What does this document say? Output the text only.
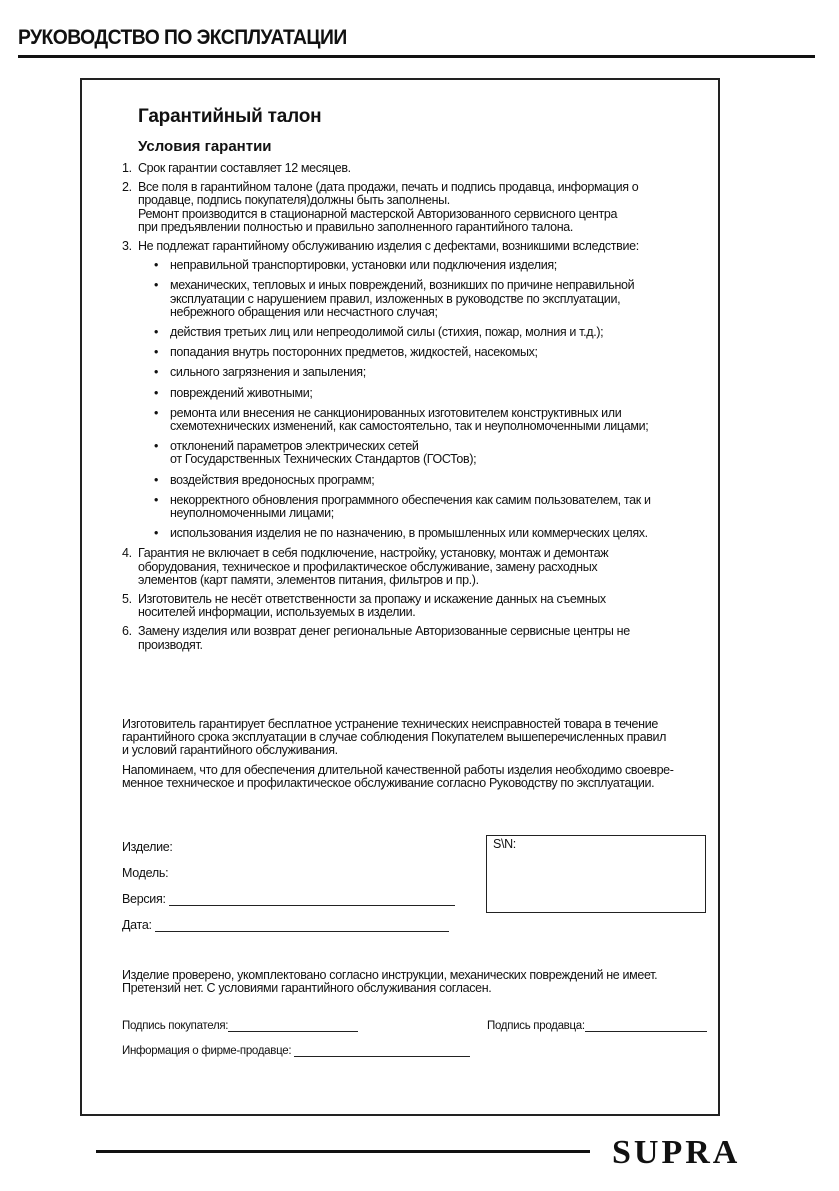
РУКОВОДСТВО ПО ЭКСПЛУАТАЦИИ
Гарантийный талон
Условия гарантии
1. Срок гарантии составляет 12 месяцев.
2. Все поля в гарантийном талоне (дата продажи, печать и подпись продавца, информация о
продавце, подпись покупателя)должны быть заполнены.
Ремонт производится в стационарной мастерской Авторизованного сервисного центра
при предъявлении полностью и правильно заполненного гарантийного талона.
3. Не подлежат гарантийному обслуживанию изделия с дефектами, возникшими вследствие:
• неправильной транспортировки, установки или подключения изделия;
• механических, тепловых и иных повреждений, возникших по причине неправильной
эксплуатации с нарушением правил, изложенных в руководстве по эксплуатации,
небрежного обращения или несчастного случая;
• действия третьих лиц или непреодолимой силы (стихия, пожар, молния и т.д.);
• попадания внутрь посторонних предметов, жидкостей, насекомых;
• сильного загрязнения и запыления;
• повреждений животными;
• ремонта или внесения не санкционированных изготовителем конструктивных или
схемотехнических изменений, как самостоятельно, так и неуполномоченными лицами;
• отклонений параметров электрических сетей
от Государственных Технических Стандартов (ГОСТов);
• воздействия вредоносных программ;
• некорректного обновления программного обеспечения как самим пользователем, так и
неуполномоченными лицами;
• использования изделия не по назначению, в промышленных или коммерческих целях.
4. Гарантия не включает в себя подключение, настройку, установку, монтаж и демонтаж
оборудования, техническое и профилактическое обслуживание, замену расходных
элементов (карт памяти, элементов питания, фильтров и пр.).
5. Изготовитель не несёт ответственности за пропажу и искажение данных на съемных
носителей информации, используемых в изделии.
6. Замену изделия или возврат денег региональные Авторизованные сервисные центры не
производят.

Изготовитель гарантирует бесплатное устранение технических неисправностей товара в течение
гарантийного срока эксплуатации в случае соблюдения Покупателем вышеперечисленных правил
и условий гарантийного обслуживания.

Напоминаем, что для обеспечения длительной качественной работы изделия необходимо своевре-
менное техническое и профилактическое обслуживание согласно Руководству по эксплуатации.

Изделие:
Модель:
Версия:
Дата:
S\N:
Изделие проверено, укомплектовано согласно инструкции, механических повреждений не имеет.
Претензий нет. С условиями гарантийного обслуживания согласен.
Подпись покупателя:	Подпись продавца:
Информация о фирме-продавце:
SUPRA
